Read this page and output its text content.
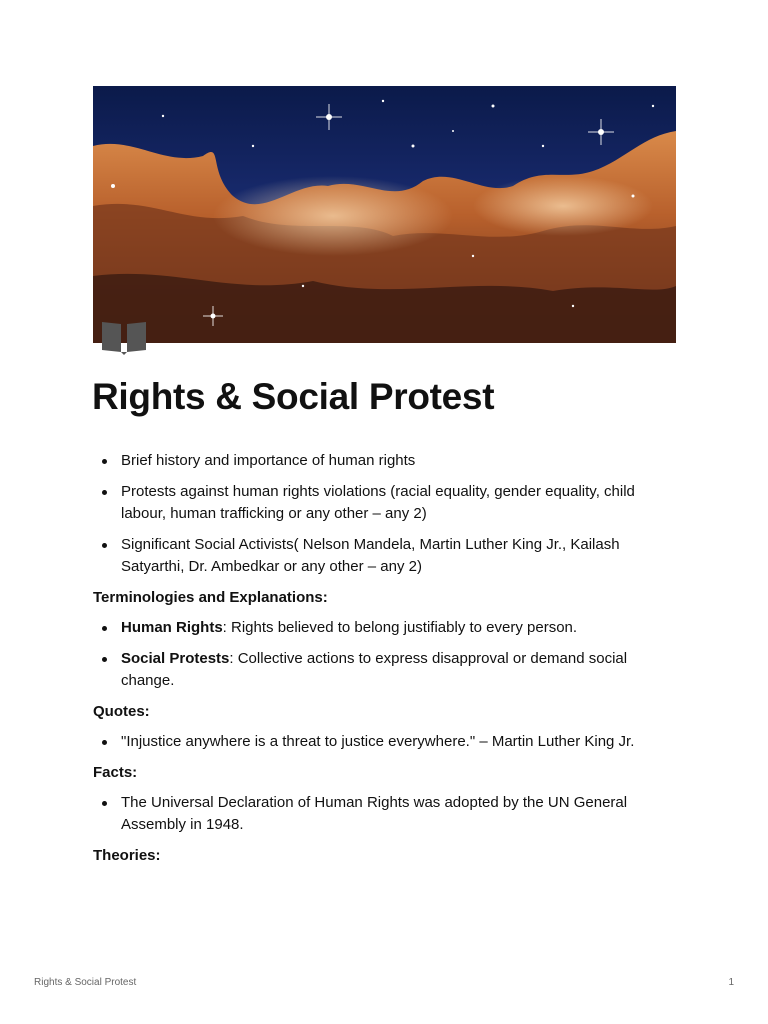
Rights & Social Protest
Brief history and importance of human rights
Protests against human rights violations (racial equality, gender equality, child labour, human trafficking or any other – any 2)
Significant Social Activists( Nelson Mandela, Martin Luther King Jr., Kailash Satyarthi, Dr. Ambedkar or any other – any 2)

Terminologies and Explanations:

Human Rights: Rights believed to belong justifiably to every person.
Social Protests: Collective actions to express disapproval or demand social change.

Quotes:

"Injustice anywhere is a threat to justice everywhere." – Martin Luther King Jr.

Facts:

The Universal Declaration of Human Rights was adopted by the UN General Assembly in 1948.

Theories:

Rights & Social Protest	1
